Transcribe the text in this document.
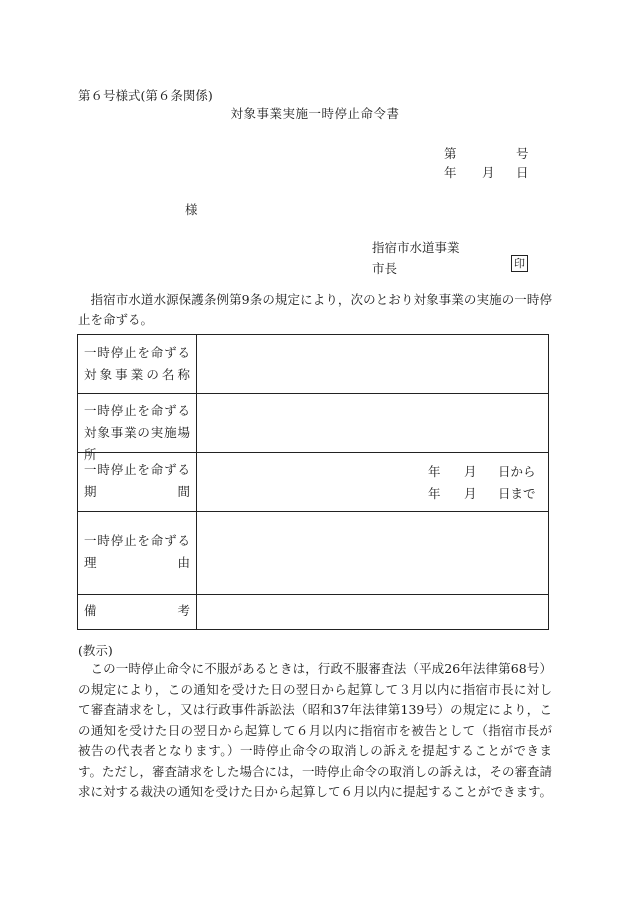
第６号様式(第６条関係)
対象事業実施一時停止命令書
第	号
年 月 日
様
指宿市水道事業
市長	印
指宿市水道水源保護条例第9条の規定により，次のとおり対象事業の実施の一時停止を命ずる。
一時停止を命ずる
対象事業の名称
一時停止を命ずる
対象事業の実施場所
一時停止を命ずる
期間
年 月 日から
年 月 日まで
一時停止を命ずる
理由
備考
(教示)
この一時停止命令に不服があるときは，行政不服審査法（平成26年法律第68号）の規定により，この通知を受けた日の翌日から起算して３月以内に指宿市長に対して審査請求をし，又は行政事件訴訟法（昭和37年法律第139号）の規定により，この通知を受けた日の翌日から起算して６月以内に指宿市を被告として（指宿市長が被告の代表者となります。）一時停止命令の取消しの訴えを提起することができます。ただし，審査請求をした場合には，一時停止命令の取消しの訴えは，その審査請求に対する裁決の通知を受けた日から起算して６月以内に提起することができます。
